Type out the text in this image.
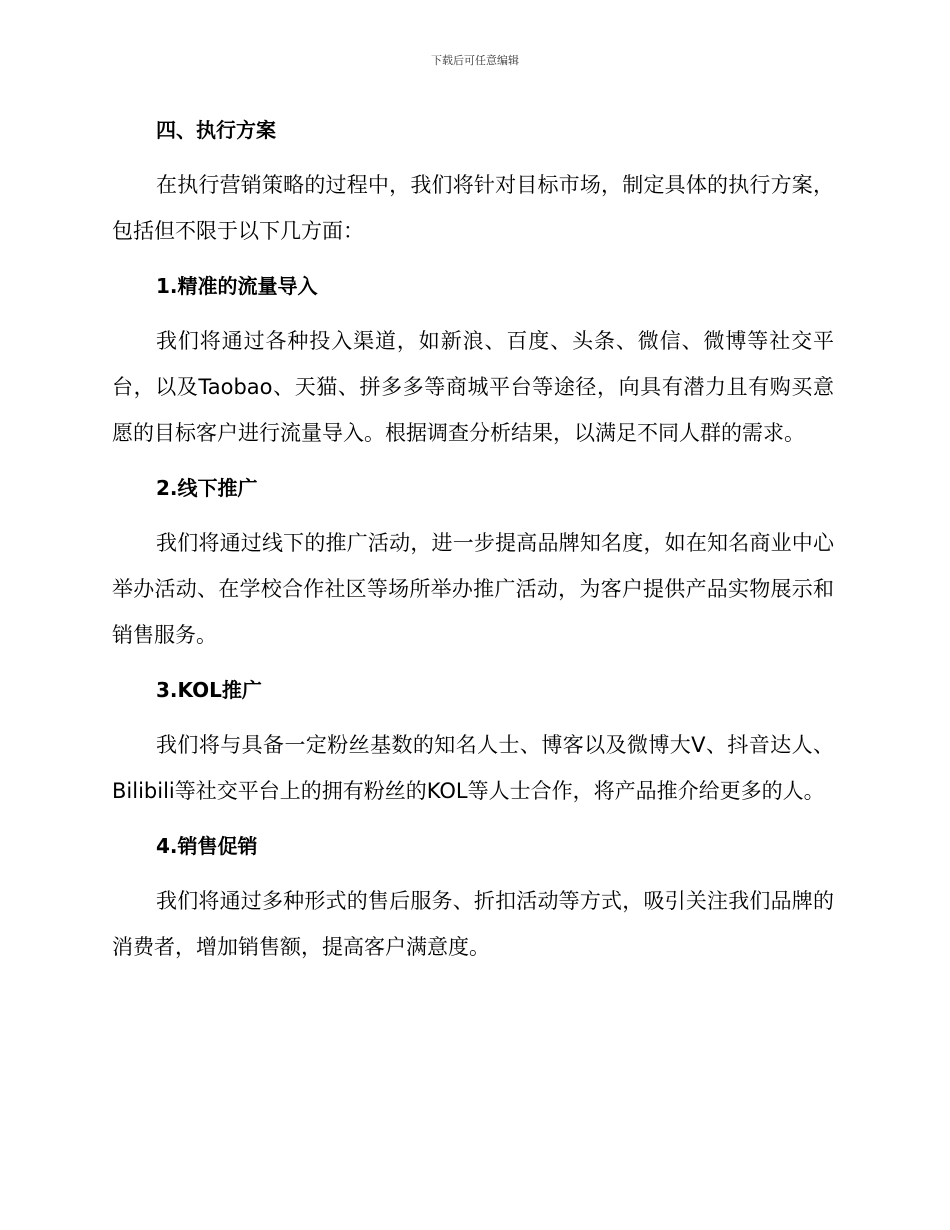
下载后可任意编辑
四、执行方案

在执行营销策略的过程中，我们将针对目标市场，制定具体的执行方案，包括但不限于以下几方面：

1.精准的流量导入

我们将通过各种投入渠道，如新浪、百度、头条、微信、微博等社交平台，以及Taobao、天猫、拼多多等商城平台等途径，向具有潜力且有购买意愿的目标客户进行流量导入。根据调查分析结果，以满足不同人群的需求。

2.线下推广

我们将通过线下的推广活动，进一步提高品牌知名度，如在知名商业中心举办活动、在学校合作社区等场所举办推广活动，为客户提供产品实物展示和销售服务。

3.KOL推广

我们将与具备一定粉丝基数的知名人士、博客以及微博大V、抖音达人、Bilibili等社交平台上的拥有粉丝的KOL等人士合作，将产品推介给更多的人。

4.销售促销

我们将通过多种形式的售后服务、折扣活动等方式，吸引关注我们品牌的消费者，增加销售额，提高客户满意度。
